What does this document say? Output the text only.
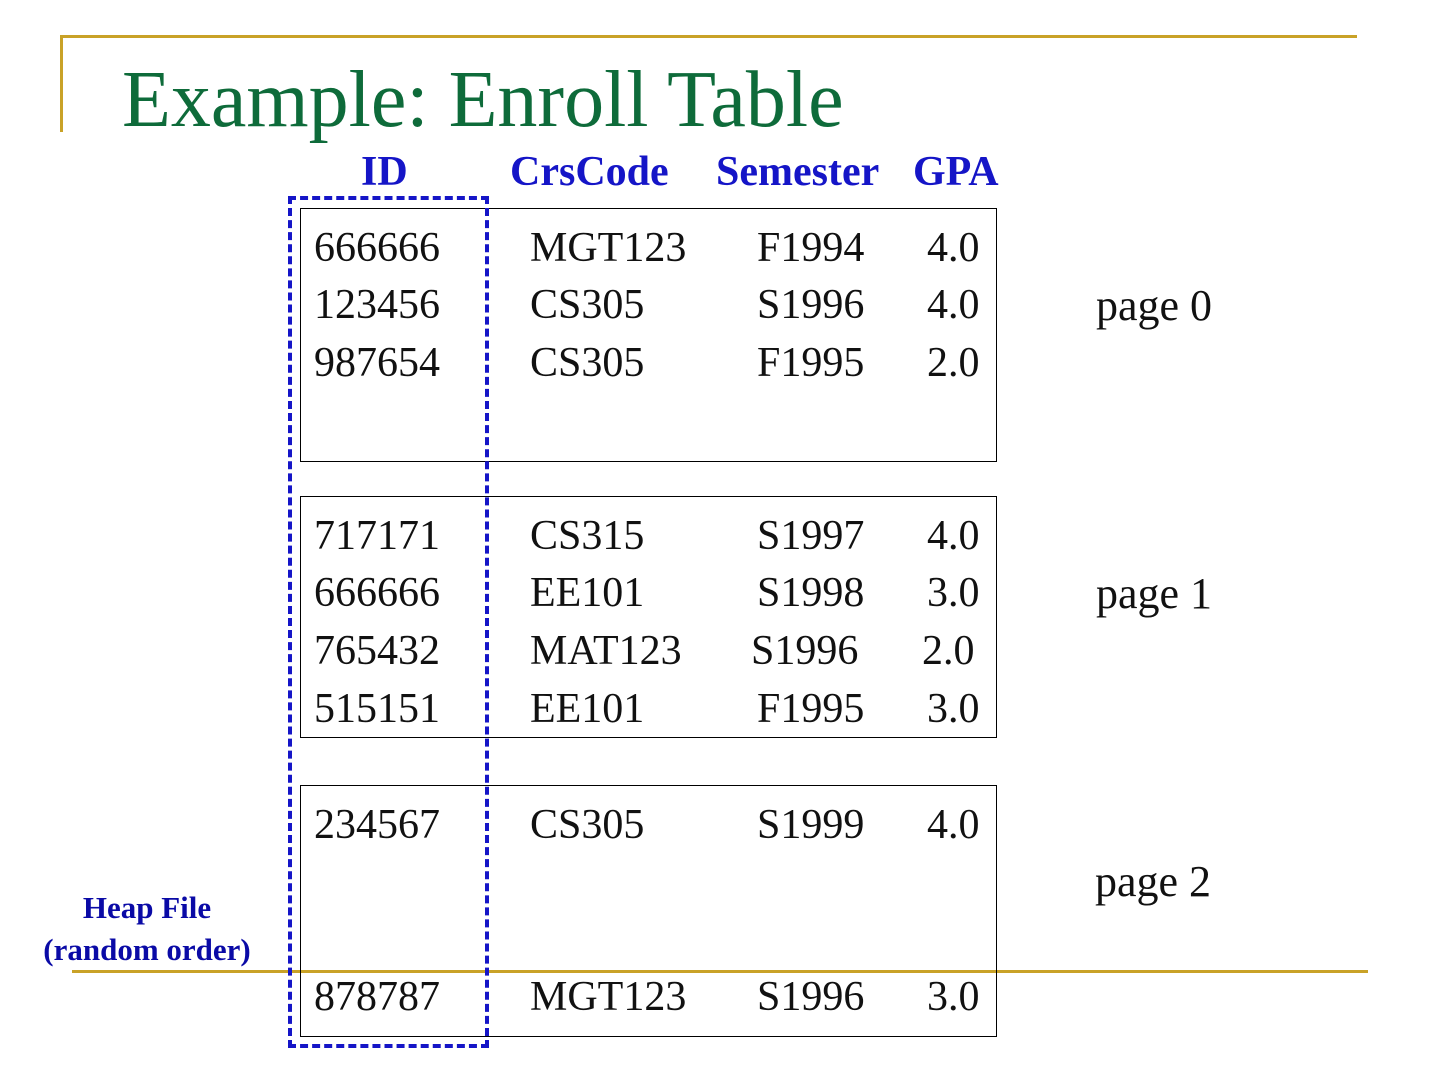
Example: Enroll Table
ID CrsCode Semester GPA
666666 MGT123 F1994 4.0
123456 CS305	S1996 4.0
987654 CS305	F1995 2.0
page 0
717171 CS315	S1997 4.0
666666 EE101	S1998 3.0
765432 MAT123 S1996 2.0
515151 EE101	F1995 3.0
page 1
234567 CS305	S1999 4.0
878787 MGT123 S1996 3.0
page 2
Heap File
(random order)
